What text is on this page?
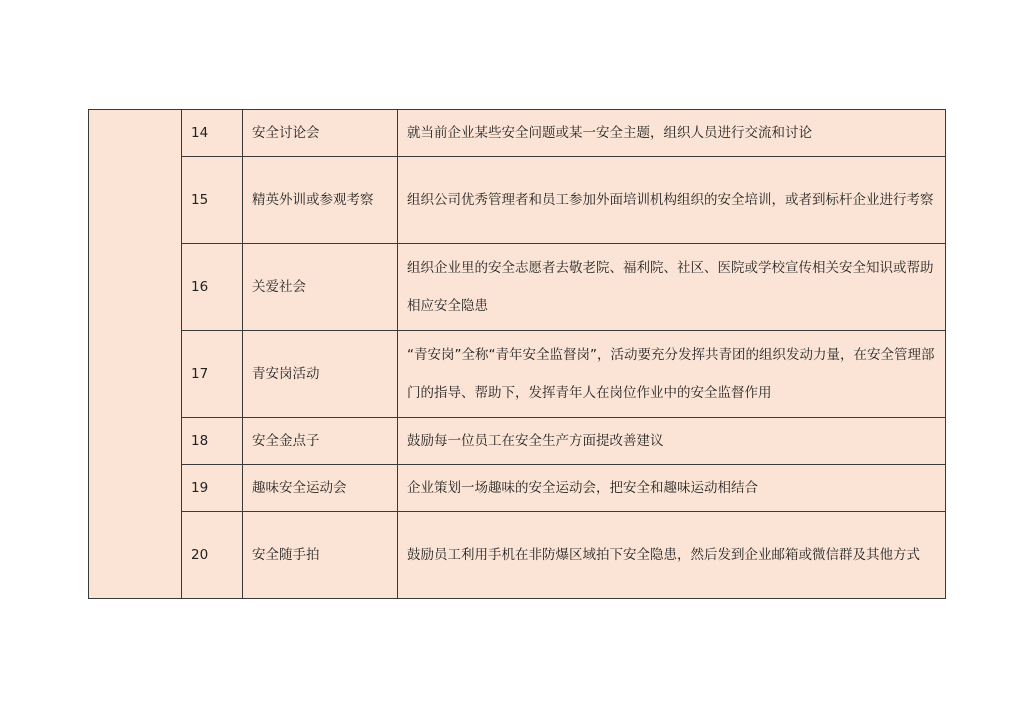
	14	安全讨论会	就当前企业某些安全问题或某一安全主题，组织人员进行交流和讨论
	15	精英外训或参观考察	组织公司优秀管理者和员工参加外面培训机构组织的安全培训，或者到标杆企业进行考察
	16	关爱社会	组织企业里的安全志愿者去敬老院、福利院、社区、医院或学校宣传相关安全知识或帮助相应安全隐患
	17	青安岗活动	“青安岗”全称“青年安全监督岗”，活动要充分发挥共青团的组织发动力量，在安全管理部门的指导、帮助下，发挥青年人在岗位作业中的安全监督作用
	18	安全金点子	鼓励每一位员工在安全生产方面提改善建议
	19	趣味安全运动会	企业策划一场趣味的安全运动会，把安全和趣味运动相结合
	20	安全随手拍	鼓励员工利用手机在非防爆区域拍下安全隐患，然后发到企业邮箱或微信群及其他方式
